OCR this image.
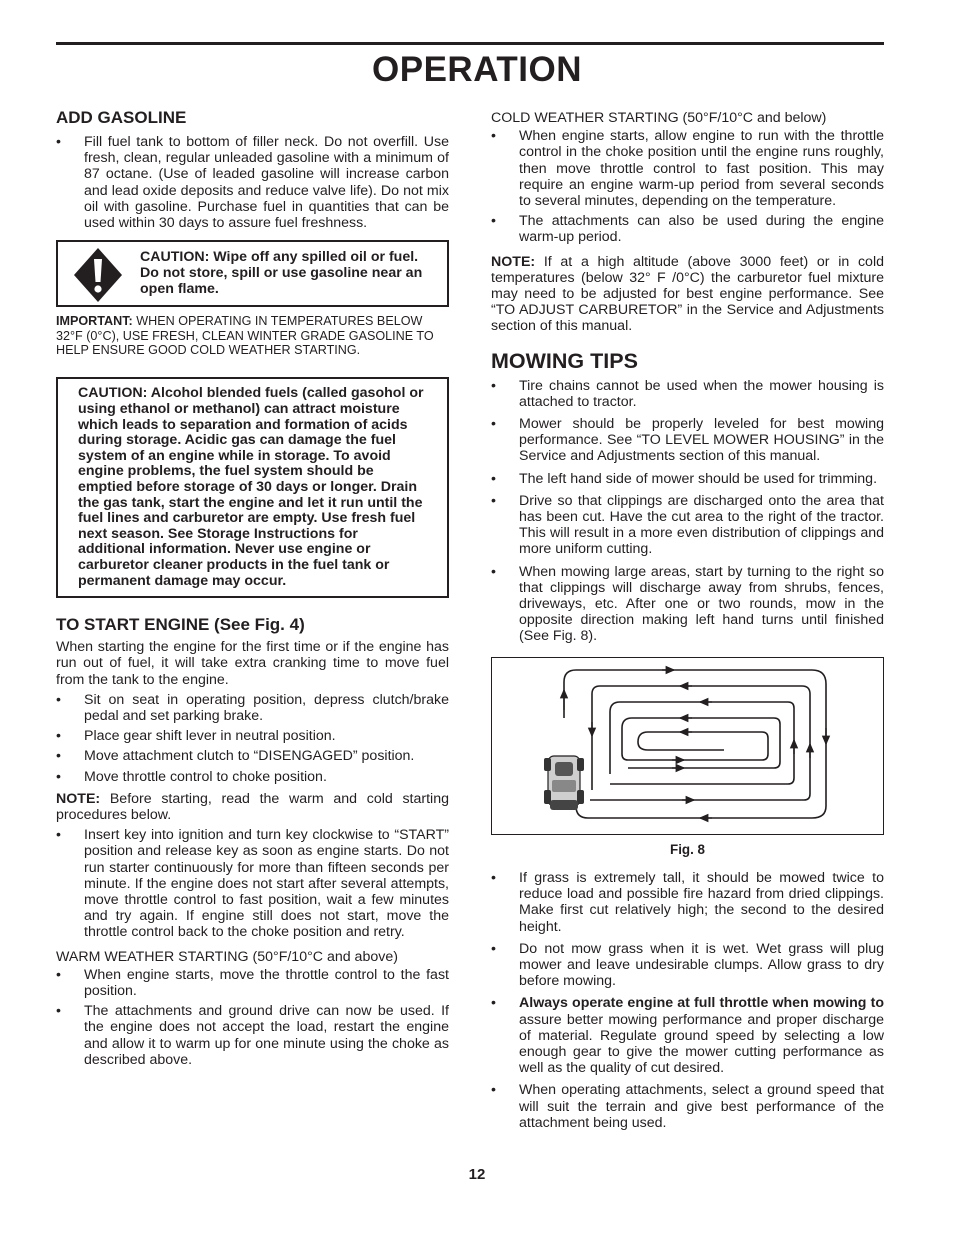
OPERATION
ADD GASOLINE
• Fill fuel tank to bottom of filler neck. Do not overfill. Use fresh, clean, regular unleaded gasoline with a minimum of 87 octane. (Use of leaded gasoline will increase carbon and lead oxide deposits and reduce valve life). Do not mix oil with gasoline. Purchase fuel in quantities that can be used within 30 days to assure fuel freshness.
CAUTION: Wipe off any spilled oil or fuel. Do not store, spill or use gasoline near an open flame.

IMPORTANT: WHEN OPERATING IN TEMPERATURES BELOW 32°F (0°C), USE FRESH, CLEAN WINTER GRADE GASOLINE TO HELP ENSURE GOOD COLD WEATHER STARTING.

CAUTION: Alcohol blended fuels (called gasohol or using ethanol or methanol) can attract moisture which leads to separation and formation of acids during storage. Acidic gas can damage the fuel system of an engine while in storage. To avoid engine problems, the fuel system should be emptied before storage of 30 days or longer. Drain the gas tank, start the engine and let it run until the fuel lines and carburetor are empty. Use fresh fuel next season. See Storage Instructions for additional information. Never use engine or carburetor cleaner products in the fuel tank or permanent damage may occur.
TO START ENGINE (See Fig. 4)

When starting the engine for the first time or if the engine has run out of fuel, it will take extra cranking time to move fuel from the tank to the engine.

• Sit on seat in operating position, depress clutch/brake pedal and set parking brake.
• Place gear shift lever in neutral position.
• Move attachment clutch to “DISENGAGED” position.
• Move throttle control to choke position.

NOTE: Before starting, read the warm and cold starting procedures below.

• Insert key into ignition and turn key clockwise to “START” position and release key as soon as engine starts. Do not run starter continuously for more than fifteen seconds per minute. If the engine does not start after several attempts, move throttle control to fast position, wait a few minutes and try again. If engine still does not start, move the throttle control back to the choke position and retry.

WARM WEATHER STARTING (50°F/10°C and above)

• When engine starts, move the throttle control to the fast position.
• The attachments and ground drive can now be used. If the engine does not accept the load, restart the engine and allow it to warm up for one minute using the choke as described above.

COLD WEATHER STARTING (50°F/10°C and below)

• When engine starts, allow engine to run with the throttle control in the choke position until the engine runs roughly, then move throttle control to fast position. This may require an engine warm-up period from several seconds to several minutes, depending on the temperature.
• The attachments can also be used during the engine warm-up period.

NOTE: If at a high altitude (above 3000 feet) or in cold temperatures (below 32° F /0°C) the carburetor fuel mixture may need to be adjusted for best engine performance. See “TO ADJUST CARBURETOR” in the Service and Adjustments section of this manual.

MOWING TIPS
• Tire chains cannot be used when the mower housing is attached to tractor.
• Mower should be properly leveled for best mowing performance. See “TO LEVEL MOWER HOUSING” in the Service and Adjustments section of this manual.
• The left hand side of mower should be used for trimming.
• Drive so that clippings are discharged onto the area that has been cut. Have the cut area to the right of the tractor. This will result in a more even distribution of clippings and more uniform cutting.
• When mowing large areas, start by turning to the right so that clippings will discharge away from shrubs, fences, driveways, etc. After one or two rounds, mow in the opposite direction making left hand turns until finished (See Fig. 8).
Fig. 8
• If grass is extremely tall, it should be mowed twice to reduce load and possible fire hazard from dried clippings. Make first cut relatively high; the second to the desired height.
• Do not mow grass when it is wet. Wet grass will plug mower and leave undesirable clumps. Allow grass to dry before mowing.
• Always operate engine at full throttle when mowing to assure better mowing performance and proper discharge of material. Regulate ground speed by selecting a low enough gear to give the mower cutting performance as well as the quality of cut desired.
• When operating attachments, select a ground speed that will suit the terrain and give best performance of the attachment being used.
12
